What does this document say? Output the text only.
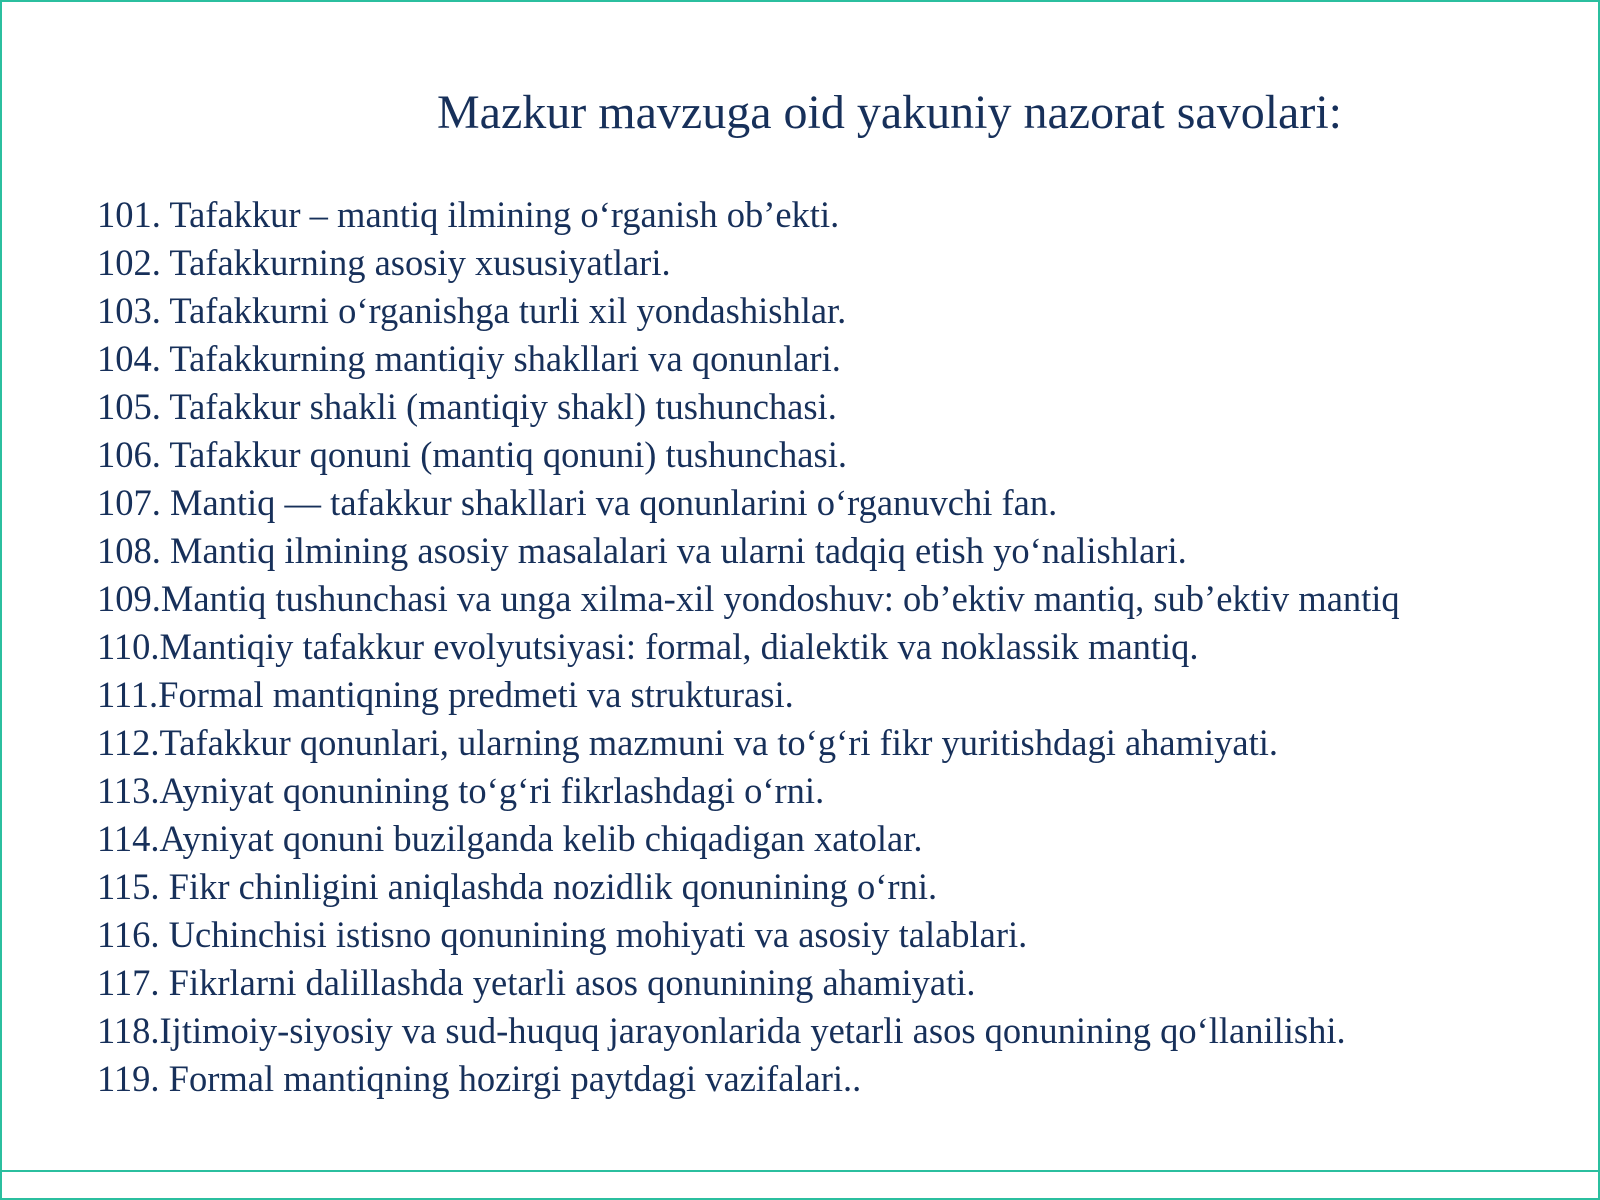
Mazkur mavzuga oid yakuniy nazorat savolari:
101. Tafakkur – mantiq ilmining o‘rganish ob’ekti.
102. Tafakkurning asosiy xususiyatlari.
103. Tafakkurni o‘rganishga turli xil yondashishlar.
104. Tafakkurning mantiqiy shakllari va qonunlari.
105. Tafakkur shakli (mantiqiy shakl) tushunchasi.
106. Tafakkur qonuni (mantiq qonuni) tushunchasi.
107. Mantiq — tafakkur shakllari va qonunlarini o‘rganuvchi fan.
108. Mantiq ilmining asosiy masalalari va ularni tadqiq etish yo‘nalishlari.
109.Mantiq tushunchasi va unga xilma-xil yondoshuv: ob’ektiv mantiq, sub’ektiv mantiq
110.Mantiqiy tafakkur evolyutsiyasi: formal, dialektik va noklassik mantiq.
111.Formal mantiqning predmeti va strukturasi.
112.Tafakkur qonunlari, ularning mazmuni va to‘g‘ri fikr yuritishdagi ahamiyati.
113.Ayniyat qonunining to‘g‘ri fikrlashdagi o‘rni.
114.Ayniyat qonuni buzilganda kelib chiqadigan xatolar.
115. Fikr chinligini aniqlashda nozidlik qonunining o‘rni.
116. Uchinchisi istisno qonunining mohiyati va asosiy talablari.
117. Fikrlarni dalillashda yetarli asos qonunining ahamiyati.
118.Ijtimoiy-siyosiy va sud-huquq jarayonlarida yetarli asos qonunining qo‘llanilishi.
119. Formal mantiqning hozirgi paytdagi vazifalari..
